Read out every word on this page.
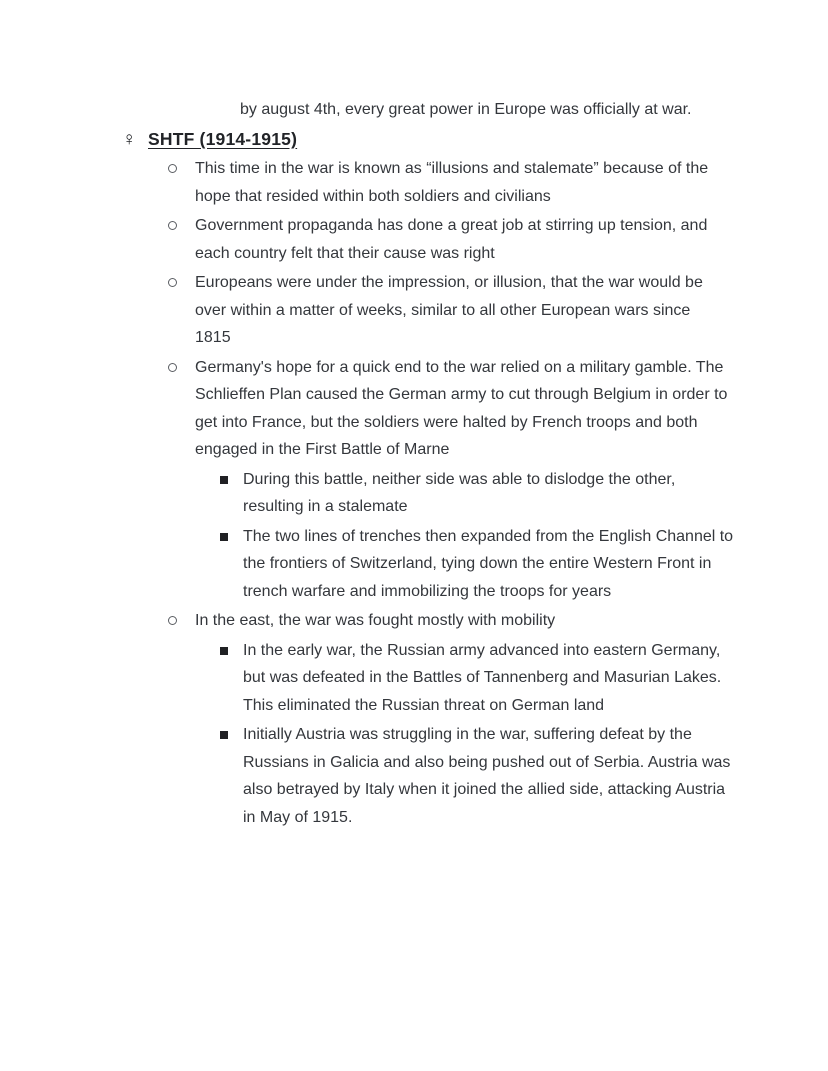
by august 4th, every great power in Europe was officially at war.
♀ SHTF (1914-1915)
This time in the war is known as “illusions and stalemate” because of the hope that resided within both soldiers and civilians
Government propaganda has done a great job at stirring up tension, and each country felt that their cause was right
Europeans were under the impression, or illusion, that the war would be over within a matter of weeks, similar to all other European wars since 1815
Germany's hope for a quick end to the war relied on a military gamble. The Schlieffen Plan caused the German army to cut through Belgium in order to get into France, but the soldiers were halted by French troops and both engaged in the First Battle of Marne
During this battle, neither side was able to dislodge the other, resulting in a stalemate
The two lines of trenches then expanded from the English Channel to the frontiers of Switzerland, tying down the entire Western Front in trench warfare and immobilizing the troops for years
In the east, the war was fought mostly with mobility
In the early war, the Russian army advanced into eastern Germany, but was defeated in the Battles of Tannenberg and Masurian Lakes. This eliminated the Russian threat on German land
Initially Austria was struggling in the war, suffering defeat by the Russians in Galicia and also being pushed out of Serbia. Austria was also betrayed by Italy when it joined the allied side, attacking Austria in May of 1915.
